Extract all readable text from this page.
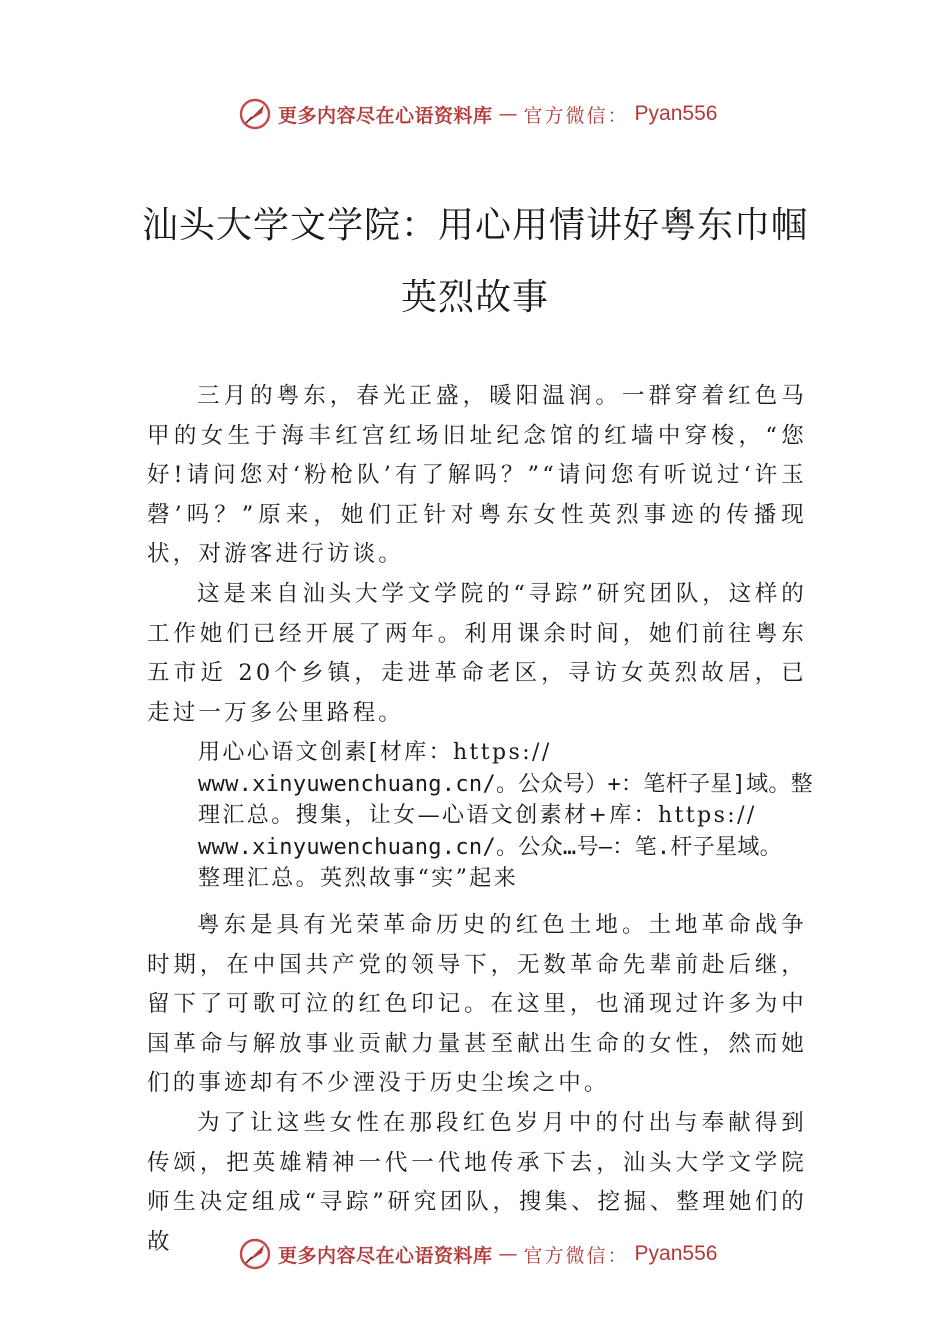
更多内容尽在心语资料库 — 官方微信： Pyan556
汕头大学文学院：用心用情讲好粤东巾帼
英烈故事

三月的粤东，春光正盛，暖阳温润。一群穿着红色马甲的女生于海丰红宫红场旧址纪念馆的红墙中穿梭，“您好!请问您对‘粉枪队’有了解吗？”“请问您有听说过‘许玉磬’吗？”原来，她们正针对粤东女性英烈事迹的传播现状，对游客进行访谈。

这是来自汕头大学文学院的“寻踪”研究团队，这样的工作她们已经开展了两年。利用课余时间，她们前往粤东五市近 20个乡镇，走进革命老区，寻访女英烈故居，已走过一万多公里路程。

用心心语文创素[材库：https://
www.xinyuwenchuang.cn/。公众号）+：笔杆子星]域。整
理汇总。搜集，让女—心语文创素材+库：https://
www.xinyuwenchuang.cn/。公众…号—：笔.杆子星域。
整理汇总。英烈故事“实”起来

粤东是具有光荣革命历史的红色土地。土地革命战争时期，在中国共产党的领导下，无数革命先辈前赴后继，留下了可歌可泣的红色印记。在这里，也涌现过许多为中国革命与解放事业贡献力量甚至献出生命的女性，然而她们的事迹却有不少湮没于历史尘埃之中。

为了让这些女性在那段红色岁月中的付出与奉献得到传颂，把英雄精神一代一代地传承下去，汕头大学文学院师生决定组成“寻踪”研究团队，搜集、挖掘、整理她们的故

更多内容尽在心语资料库 — 官方微信： Pyan556
